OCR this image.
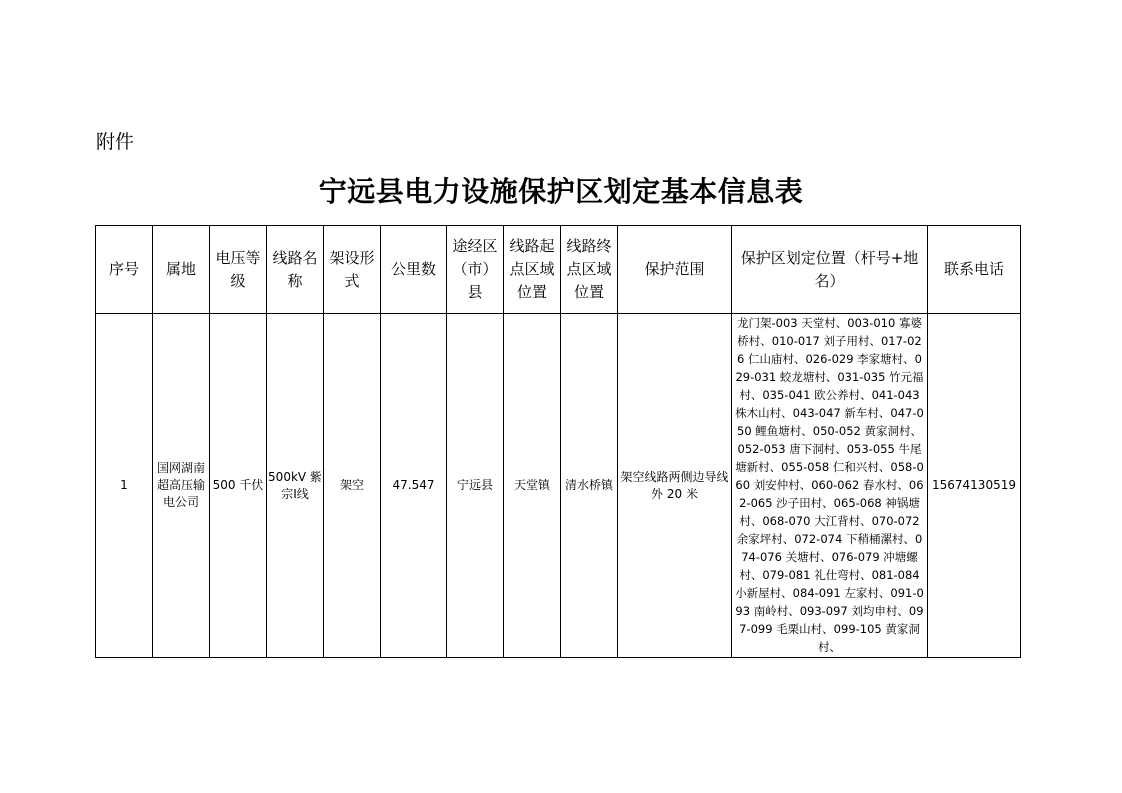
附件
宁远县电力设施保护区划定基本信息表
序号	属地	电压等级	线路名称	架设形式	公里数	途经区（市）县	线路起点区域位置	线路终点区域位置	保护范围	保护区划定位置（杆号+地名）	联系电话
1	国网湖南超高压输电公司	500 千伏	500kV 紫宗Ⅰ线	架空	47.547	宁远县	天堂镇	清水桥镇	架空线路两侧边导线外 20 米	龙门架-003 天堂村、003-010 寡婆桥村、010-017 刘子用村、017-026 仁山庙村、026-029 李家塘村、029-031 蛟龙塘村、031-035 竹元福村、035-041 欧公养村、041-043 株木山村、043-047 新车村、047-050 鲤鱼塘村、050-052 黄家洞村、052-053 唐下洞村、053-055 牛尾塘新村、055-058 仁和兴村、058-060 刘安仲村、060-062 春水村、062-065 沙子田村、065-068 神锅塘村、068-070 大江背村、070-072 余家坪村、072-074 下稍桶漯村、074-076 关塘村、076-079 冲塘螺村、079-081 礼仕弯村、081-084 小新屋村、084-091 左家村、091-093 南岭村、093-097 刘均申村、097-099 毛栗山村、099-105 黄家洞村、	15674130519
